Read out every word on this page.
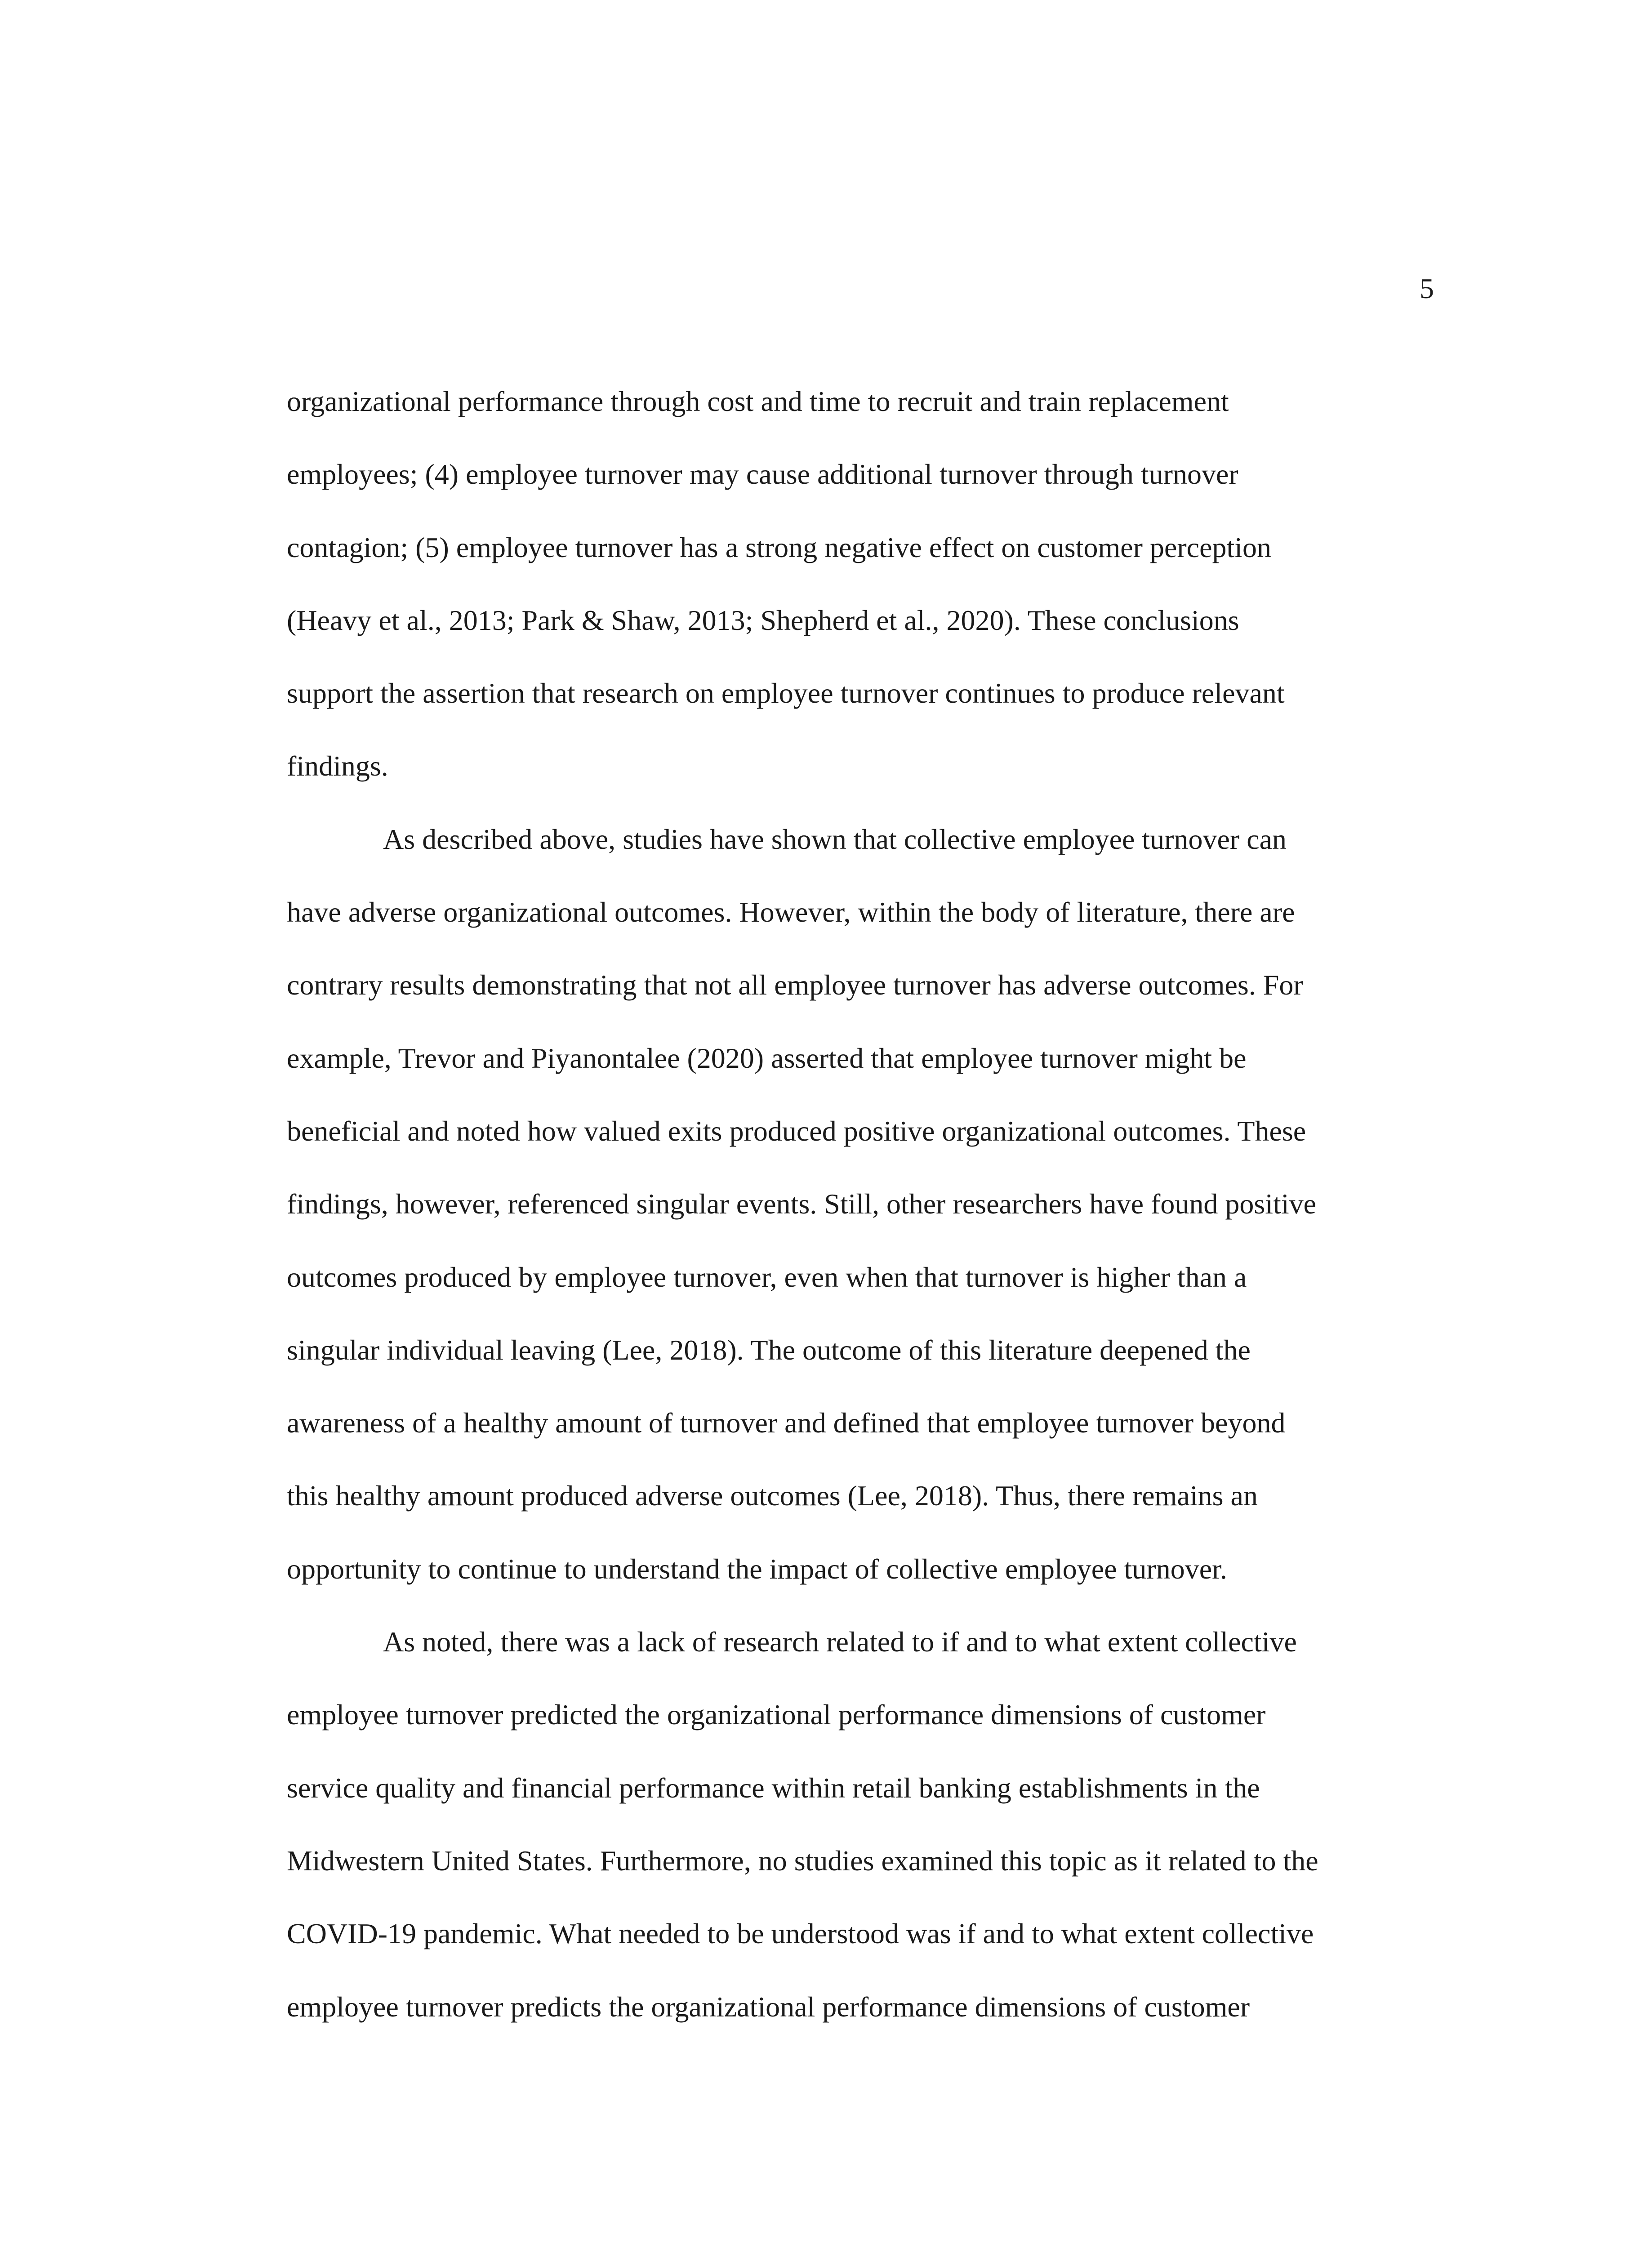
5
organizational performance through cost and time to recruit and train replacement
employees; (4) employee turnover may cause additional turnover through turnover
contagion; (5) employee turnover has a strong negative effect on customer perception
(Heavy et al., 2013; Park & Shaw, 2013; Shepherd et al., 2020). These conclusions
support the assertion that research on employee turnover continues to produce relevant
findings.
As described above, studies have shown that collective employee turnover can
have adverse organizational outcomes. However, within the body of literature, there are
contrary results demonstrating that not all employee turnover has adverse outcomes. For
example, Trevor and Piyanontalee (2020) asserted that employee turnover might be
beneficial and noted how valued exits produced positive organizational outcomes. These
findings, however, referenced singular events. Still, other researchers have found positive
outcomes produced by employee turnover, even when that turnover is higher than a
singular individual leaving (Lee, 2018). The outcome of this literature deepened the
awareness of a healthy amount of turnover and defined that employee turnover beyond
this healthy amount produced adverse outcomes (Lee, 2018). Thus, there remains an
opportunity to continue to understand the impact of collective employee turnover.
As noted, there was a lack of research related to if and to what extent collective
employee turnover predicted the organizational performance dimensions of customer
service quality and financial performance within retail banking establishments in the
Midwestern United States. Furthermore, no studies examined this topic as it related to the
COVID-19 pandemic. What needed to be understood was if and to what extent collective
employee turnover predicts the organizational performance dimensions of customer
